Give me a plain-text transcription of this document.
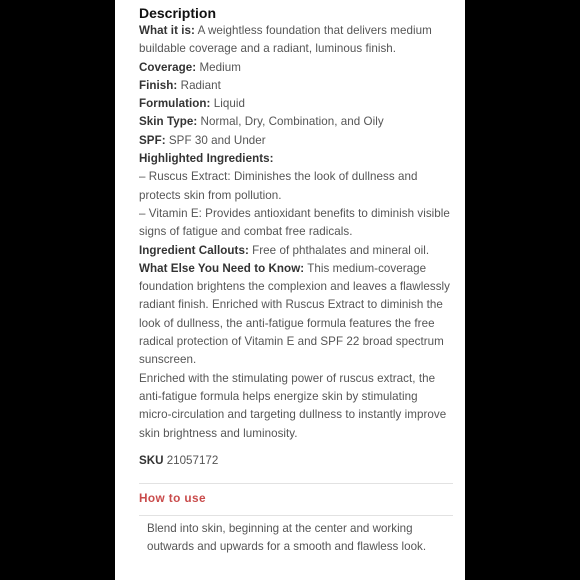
Description

What it is: A weightless foundation that delivers medium buildable coverage and a radiant, luminous finish.

Coverage: Medium

Finish: Radiant

Formulation: Liquid

Skin Type: Normal, Dry, Combination, and Oily

SPF: SPF 30 and Under

Highlighted Ingredients:

– Ruscus Extract: Diminishes the look of dullness and protects skin from pollution.

– Vitamin E: Provides antioxidant benefits to diminish visible signs of fatigue and combat free radicals.

Ingredient Callouts: Free of phthalates and mineral oil.

What Else You Need to Know: This medium-coverage foundation brightens the complexion and leaves a flawlessly radiant finish. Enriched with Ruscus Extract to diminish the look of dullness, the anti-fatigue formula features the free radical protection of Vitamin E and SPF 22 broad spectrum sunscreen.

Enriched with the stimulating power of ruscus extract, the anti-fatigue formula helps energize skin by stimulating micro-circulation and targeting dullness to instantly improve skin brightness and luminosity.

SKU 21057172
How to use

Blend into skin, beginning at the center and working outwards and upwards for a smooth and flawless look.
